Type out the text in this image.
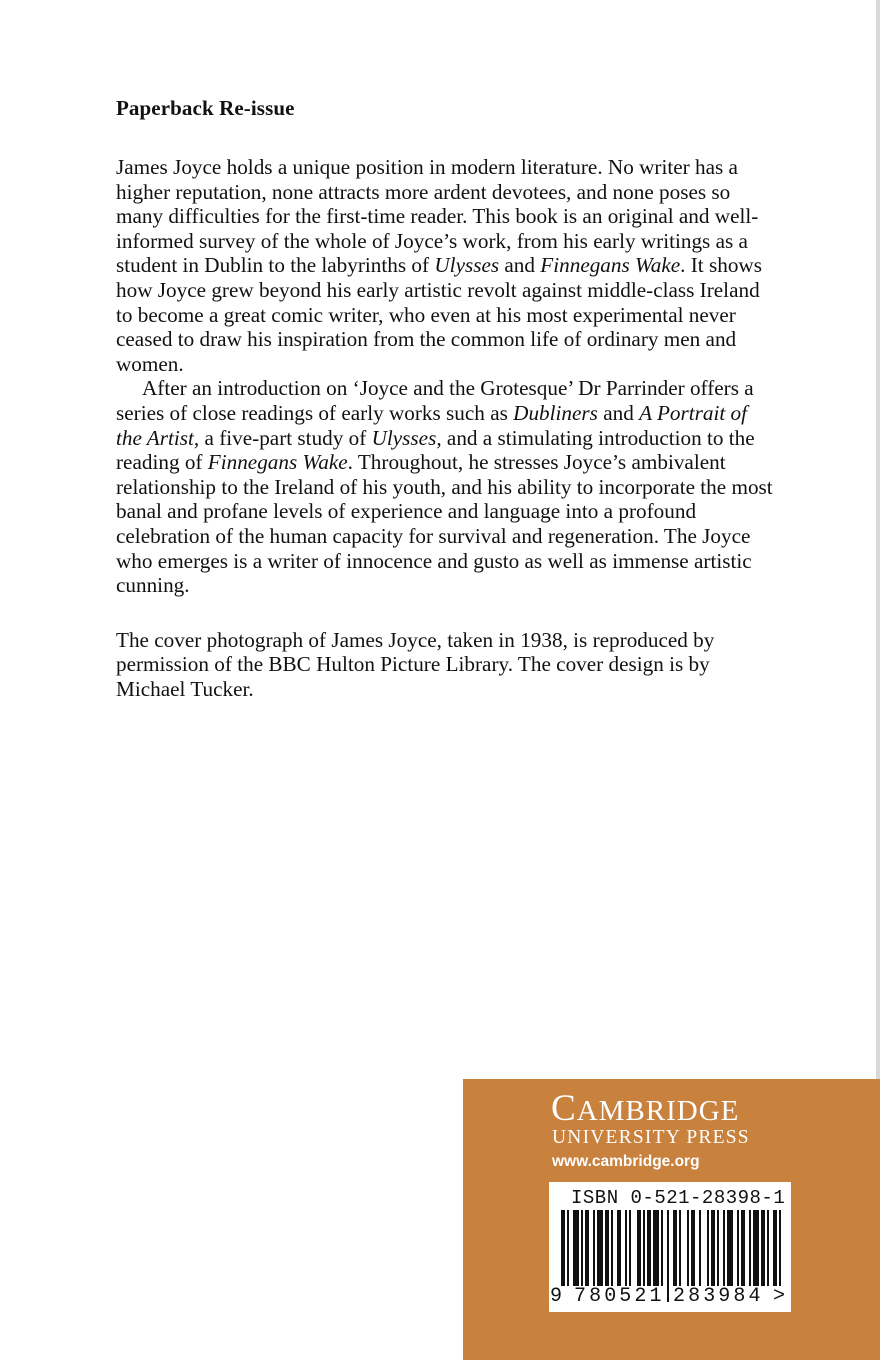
Paperback Re-issue

James Joyce holds a unique position in modern literature. No writer has a higher reputation, none attracts more ardent devotees, and none poses so many difficulties for the first-time reader. This book is an original and well-informed survey of the whole of Joyce’s work, from his early writings as a student in Dublin to the labyrinths of Ulysses and Finnegans Wake. It shows how Joyce grew beyond his early artistic revolt against middle-class Ireland to become a great comic writer, who even at his most experimental never ceased to draw his inspiration from the common life of ordinary men and women.

After an introduction on ‘Joyce and the Grotesque’ Dr Parrinder offers a series of close readings of early works such as Dubliners and A Portrait of the Artist, a five-part study of Ulysses, and a stimulating introduction to the reading of Finnegans Wake. Throughout, he stresses Joyce’s ambivalent relationship to the Ireland of his youth, and his ability to incorporate the most banal and profane levels of experience and language into a profound celebration of the human capacity for survival and regeneration. The Joyce who emerges is a writer of innocence and gusto as well as immense artistic cunning.

The cover photograph of James Joyce, taken in 1938, is reproduced by permission of the BBC Hulton Picture Library. The cover design is by Michael Tucker.

CAMBRIDGE
UNIVERSITY PRESS
www.cambridge.org
ISBN 0-521-28398-1
9 780521 283984 >
